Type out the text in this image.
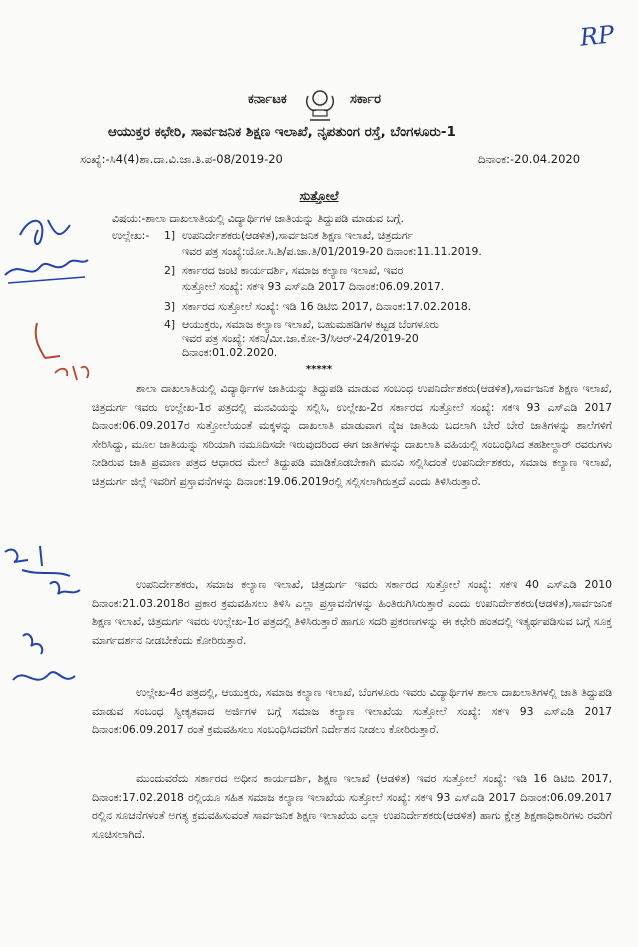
RP
ಕರ್ನಾಟಕ	ಸರ್ಕಾರ
ಆಯುಕ್ತರ ಕಛೇರಿ, ಸಾರ್ವಜನಿಕ ಶಿಕ್ಷಣ ಇಲಾಖೆ, ನೃಪತುಂಗ ರಸ್ತೆ, ಬೆಂಗಳೂರು-1
ಸಂಖ್ಯೆ:-ಸಿ4(4)ಶಾ.ದಾ.ವಿ.ಜಾ.ತಿ.ಪ-08/2019-20	ದಿನಾಂಕ:-20.04.2020
ಸುತ್ತೋಲೆ
ವಿಷಯ:-ಶಾಲಾ ದಾಖಲಾತಿಯಲ್ಲಿ ವಿದ್ಯಾರ್ಥಿಗಳ ಜಾತಿಯನ್ನು ತಿದ್ದುಪಡಿ ಮಾಡುವ ಬಗ್ಗೆ.
ಉಲ್ಲೇಖ:- 1] ಉಪನಿರ್ದೇಶಕರು(ಆಡಳಿತ),ಸಾರ್ವಜನಿಕ ಶಿಕ್ಷಣ ಇಲಾಖೆ, ಚಿತ್ರದುರ್ಗ
ಇವರ ಪತ್ರ ಸಂಖ್ಯೆ:ಯೋ.ಸಿ.ಶಿ/ಪ.ಜಾ.ತಿ/01/2019-20 ದಿನಾಂಕ:11.11.2019.
2] ಸರ್ಕಾರದ ಜಂಟಿ ಕಾರ್ಯದರ್ಶಿ, ಸಮಾಜ ಕಲ್ಯಾಣ ಇಲಾಖೆ, ಇವರ
ಸುತ್ತೋಲೆ ಸಂಖ್ಯೆ: ಸಕಇ 93 ಎಸ್ಎಡಿ 2017 ದಿನಾಂಕ:06.09.2017.
3] ಸರ್ಕಾರದ ಸುತ್ತೋಲೆ ಸಂಖ್ಯೆ: ಇಡಿ 16 ಡಿಟಿಬಿ 2017, ದಿನಾಂಕ:17.02.2018.
4] ಆಯುಕ್ತರು, ಸಮಾಜ ಕಲ್ಯಾಣ ಇಲಾಖೆ, ಬಹುಮಹಡಿಗಳ ಕಟ್ಟಡ ಬೆಂಗಳೂರು
ಇವರ ಪತ್ರ ಸಂಖ್ಯೆ: ಸಕನಿ/ಮೀ.ಜಾ.ಕೋ-3/ಸಿಆರ್-24/2019-20
ದಿನಾಂಕ:01.02.2020.
*****
ಶಾಲಾ ದಾಖಲಾತಿಯಲ್ಲಿ ವಿದ್ಯಾರ್ಥಿಗಳ ಜಾತಿಯನ್ನು ತಿದ್ದುಪಡಿ ಮಾಡುವ ಸಂಬಂಧ ಉಪನಿರ್ದೇಶಕರು(ಆಡಳಿತ),ಸಾರ್ವಜನಿಕ ಶಿಕ್ಷಣ ಇಲಾಖೆ, ಚಿತ್ರದುರ್ಗ ಇವರು ಉಲ್ಲೇಖ-1ರ ಪತ್ರದಲ್ಲಿ ಮನವಿಯನ್ನು ಸಲ್ಲಿಸಿ, ಉಲ್ಲೇಖ-2ರ ಸರ್ಕಾರದ ಸುತ್ತೋಲೆ ಸಂಖ್ಯೆ: ಸಕಇ 93 ಎಸ್ಎಡಿ 2017 ದಿನಾಂಕ:06.09.2017ರ ಸುತ್ತೋಲೆಯಂತೆ ಮಕ್ಕಳನ್ನು ದಾಖಲಾತಿ ಮಾಡುವಾಗ ನೈಜ ಜಾತಿಯ ಬದಲಾಗಿ ಬೇರೆ ಬೇರೆ ಜಾತಿಗಳನ್ನು ಶಾಲೆಗಳಿಗೆ ಸೇರಿಸಿದ್ದು, ಮೂಲ ಜಾತಿಯನ್ನು ಸರಿಯಾಗಿ ನಮೂದಿಸದೇ ಇರುವುದರಿಂದ ಈಗ ಜಾತಿಗಳನ್ನು ದಾಖಲಾತಿ ವಹಿಯಲ್ಲಿ ಸಂಬಂಧಿಸಿದ ತಹಶೀಲ್ದಾರ್ ರವರುಗಳು ನೀಡಿರುವ ಜಾತಿ ಪ್ರಮಾಣ ಪತ್ರದ ಆಧಾರದ ಮೇಲೆ ತಿದ್ದುಪಡಿ ಮಾಡಿಕೊಡಬೇಕಾಗಿ ಮನವಿ ಸಲ್ಲಿಸಿದಂತೆ ಉಪನಿರ್ದೇಶಕರು, ಸಮಾಜ ಕಲ್ಯಾಣ ಇಲಾಖೆ, ಚಿತ್ರದುರ್ಗ ಜಿಲ್ಲೆ ಇವರಿಗೆ ಪ್ರಸ್ತಾವನೆಗಳನ್ನು ದಿನಾಂಕ:19.06.2019ರಲ್ಲಿ ಸಲ್ಲಿಸಲಾಗಿರುತ್ತದೆ ಎಂದು ತಿಳಿಸಿರುತ್ತಾರೆ.
ಉಪನಿರ್ದೇಶಕರು, ಸಮಾಜ ಕಲ್ಯಾಣ ಇಲಾಖೆ, ಚಿತ್ರದುರ್ಗ ಇವರು ಸರ್ಕಾರದ ಸುತ್ತೋಲೆ ಸಂಖ್ಯೆ: ಸಕಇ 40 ಎಸ್ಎಡಿ 2010 ದಿನಾಂಕ:21.03.2018ರ ಪ್ರಕಾರ ಕ್ರಮವಹಿಸಲು ತಿಳಿಸಿ ಎಲ್ಲಾ ಪ್ರಸ್ತಾವನೆಗಳನ್ನು ಹಿಂತಿರುಗಿಸಿರುತ್ತಾರೆ ಎಂದು ಉಪನಿರ್ದೇಶಕರು(ಆಡಳಿತ),ಸಾರ್ವಜನಿಕ ಶಿಕ್ಷಣ ಇಲಾಖೆ, ಚಿತ್ರದುರ್ಗ ಇವರು ಉಲ್ಲೇಖ-1ರ ಪತ್ರದಲ್ಲಿ ತಿಳಿಸಿರುತ್ತಾರೆ ಹಾಗೂ ಸದರಿ ಪ್ರಕರಣಗಳನ್ನು ಈ ಕಛೇರಿ ಹಂತದಲ್ಲಿ ಇತ್ಯರ್ಥಪಡಿಸುವ ಬಗ್ಗೆ ಸೂಕ್ತ ಮಾರ್ಗದರ್ಶನ ನೀಡಬೇಕೆಂದು ಕೋರಿರುತ್ತಾರೆ.
ಉಲ್ಲೇಖ-4ರ ಪತ್ರದಲ್ಲಿ, ಆಯುಕ್ತರು, ಸಮಾಜ ಕಲ್ಯಾಣ ಇಲಾಖೆ, ಬೆಂಗಳೂರು ಇವರು ವಿದ್ಯಾರ್ಥಿಗಳ ಶಾಲಾ ದಾಖಲಾತಿಗಳಲ್ಲಿ ಜಾತಿ ತಿದ್ದುಪಡಿ ಮಾಡುವ ಸಂಬಂಧ ಸ್ವೀಕೃತವಾದ ಅರ್ಜಿಗಳ ಬಗ್ಗೆ ಸಮಾಜ ಕಲ್ಯಾಣ ಇಲಾಖೆಯ ಸುತ್ತೋಲೆ ಸಂಖ್ಯೆ: ಸಕಇ 93 ಎಸ್ಎಡಿ 2017 ದಿನಾಂಕ:06.09.2017 ರಂತೆ ಕ್ರಮವಹಿಸಲು ಸಂಬಂಧಿಸಿದವರಿಗೆ ನಿರ್ದೇಶನ ನೀಡಲು ಕೋರಿರುತ್ತಾರೆ.
ಮುಂದುವರೆದು ಸರ್ಕಾರದ ಅಧೀನ ಕಾರ್ಯದರ್ಶಿ, ಶಿಕ್ಷಣ ಇಲಾಖೆ (ಆಡಳಿತ) ಇವರ ಸುತ್ತೋಲೆ ಸಂಖ್ಯೆ: ಇಡಿ 16 ಡಿಟಿಬಿ 2017, ದಿನಾಂಕ:17.02.2018 ರಲ್ಲಿಯೂ ಸಹಿತ ಸಮಾಜ ಕಲ್ಯಾಣ ಇಲಾಖೆಯ ಸುತ್ತೋಲೆ ಸಂಖ್ಯೆ: ಸಕಇ 93 ಎಸ್ಎಡಿ 2017 ದಿನಾಂಕ:06.09.2017 ರಲ್ಲಿನ ಸೂಚನೆಗಳಂತೆ ಅಗತ್ಯ ಕ್ರಮವಹಿಸುವಂತೆ ಸಾರ್ವಜನಿಕ ಶಿಕ್ಷಣ ಇಲಾಖೆಯ ಎಲ್ಲಾ ಉಪನಿರ್ದೇಶಕರು(ಆಡಳಿತ) ಹಾಗು ಕ್ಷೇತ್ರ ಶಿಕ್ಷಣಾಧಿಕಾರಿಗಳು ರವರಿಗೆ ಸೂಚಿಸಲಾಗಿದೆ.
